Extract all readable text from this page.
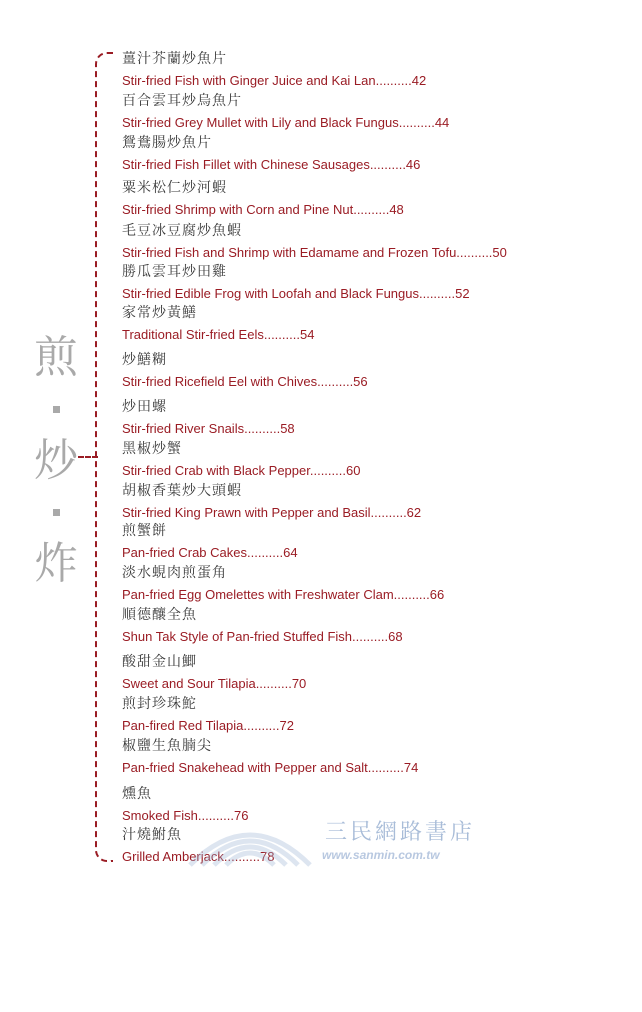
煎
炒
炸
薑汁芥蘭炒魚片
Stir-fried Fish with Ginger Juice and Kai Lan..........42
百合雲耳炒烏魚片
Stir-fried Grey Mullet with Lily and Black Fungus..........44
鴛鴦腸炒魚片
Stir-fried Fish Fillet with Chinese Sausages..........46
粟米松仁炒河蝦
Stir-fried Shrimp with Corn and Pine Nut..........48
毛豆冰豆腐炒魚蝦
Stir-fried Fish and Shrimp with Edamame and Frozen Tofu..........50
勝瓜雲耳炒田雞
Stir-fried Edible Frog with Loofah and Black Fungus..........52
家常炒黃鱔
Traditional Stir-fried Eels..........54
炒鱔糊
Stir-fried Ricefield Eel with Chives..........56
炒田螺
Stir-fried River Snails..........58
黑椒炒蟹
Stir-fried Crab with Black Pepper..........60
胡椒香葉炒大頭蝦
Stir-fried King Prawn with Pepper and Basil..........62
煎蟹餅
Pan-fried Crab Cakes..........64
淡水蜆肉煎蛋角
Pan-fried Egg Omelettes with Freshwater Clam..........66
順德釀全魚
Shun Tak Style of Pan-fried Stuffed Fish..........68
酸甜金山鯽
Sweet and Sour Tilapia..........70
煎封珍珠鮀
Pan-fired Red Tilapia..........72
椒鹽生魚腩尖
Pan-fried Snakehead with Pepper and Salt..........74
燻魚
Smoked Fish..........76
汁燒鮒魚
Grilled Amberjack..........78
三民網路書店
www.sanmin.com.tw
